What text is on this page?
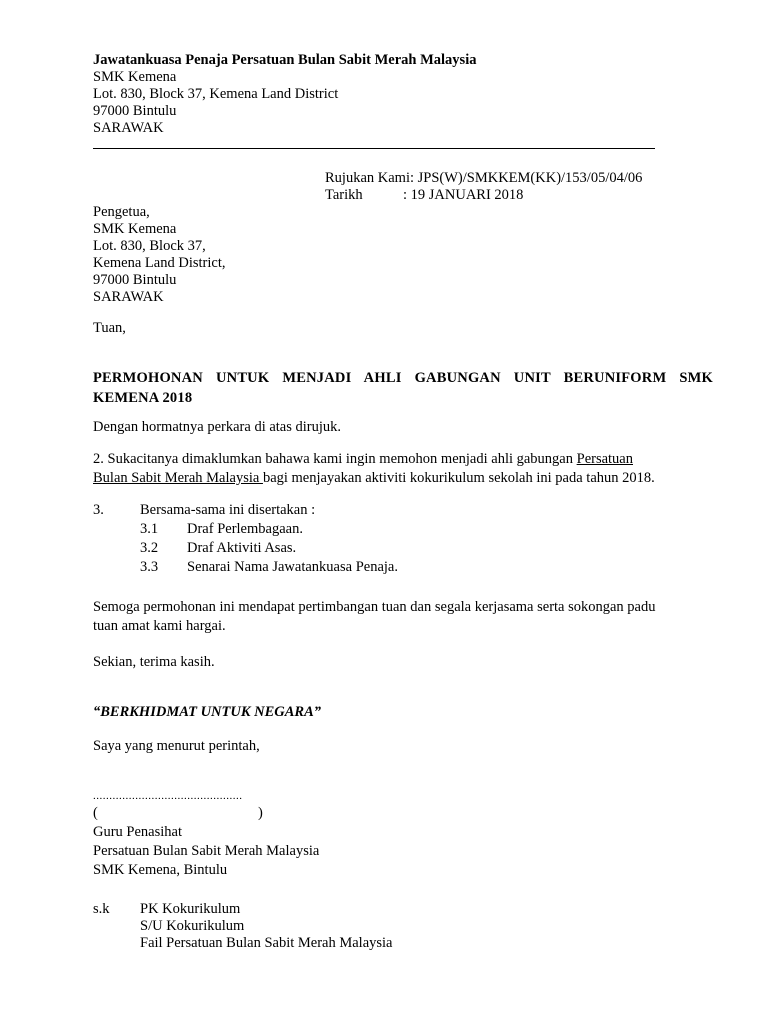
Jawatankuasa Penaja Persatuan Bulan Sabit Merah Malaysia
SMK Kemena
Lot. 830, Block 37, Kemena Land District
97000 Bintulu
SARAWAK
Rujukan Kami: JPS(W)/SMKKEM(KK)/153/05/04/06
Tarikh	: 19 JANUARI 2018
Pengetua,
SMK Kemena
Lot. 830, Block 37,
Kemena Land District,
97000 Bintulu
SARAWAK
Tuan,
PERMOHONAN UNTUK MENJADI AHLI GABUNGAN UNIT BERUNIFORM SMK KEMENA 2018
Dengan hormatnya perkara di atas dirujuk.
2. Sukacitanya dimaklumkan bahawa kami ingin memohon menjadi ahli gabungan Persatuan
Bulan Sabit Merah Malaysia bagi menjayakan aktiviti kokurikulum sekolah ini pada tahun 2018.
3. Bersama-sama ini disertakan :
3.1 Draf Perlembagaan.
3.2 Draf Aktiviti Asas.
3.3 Senarai Nama Jawatankuasa Penaja.
Semoga permohonan ini mendapat pertimbangan tuan dan segala kerjasama serta sokongan padu
tuan amat kami hargai.
Sekian, terima kasih.
“BERKHIDMAT UNTUK NEGARA”
Saya yang menurut perintah,
..............................................
(	)
Guru Penasihat
Persatuan Bulan Sabit Merah Malaysia
SMK Kemena, Bintulu
s.k PK Kokurikulum
S/U Kokurikulum
Fail Persatuan Bulan Sabit Merah Malaysia
